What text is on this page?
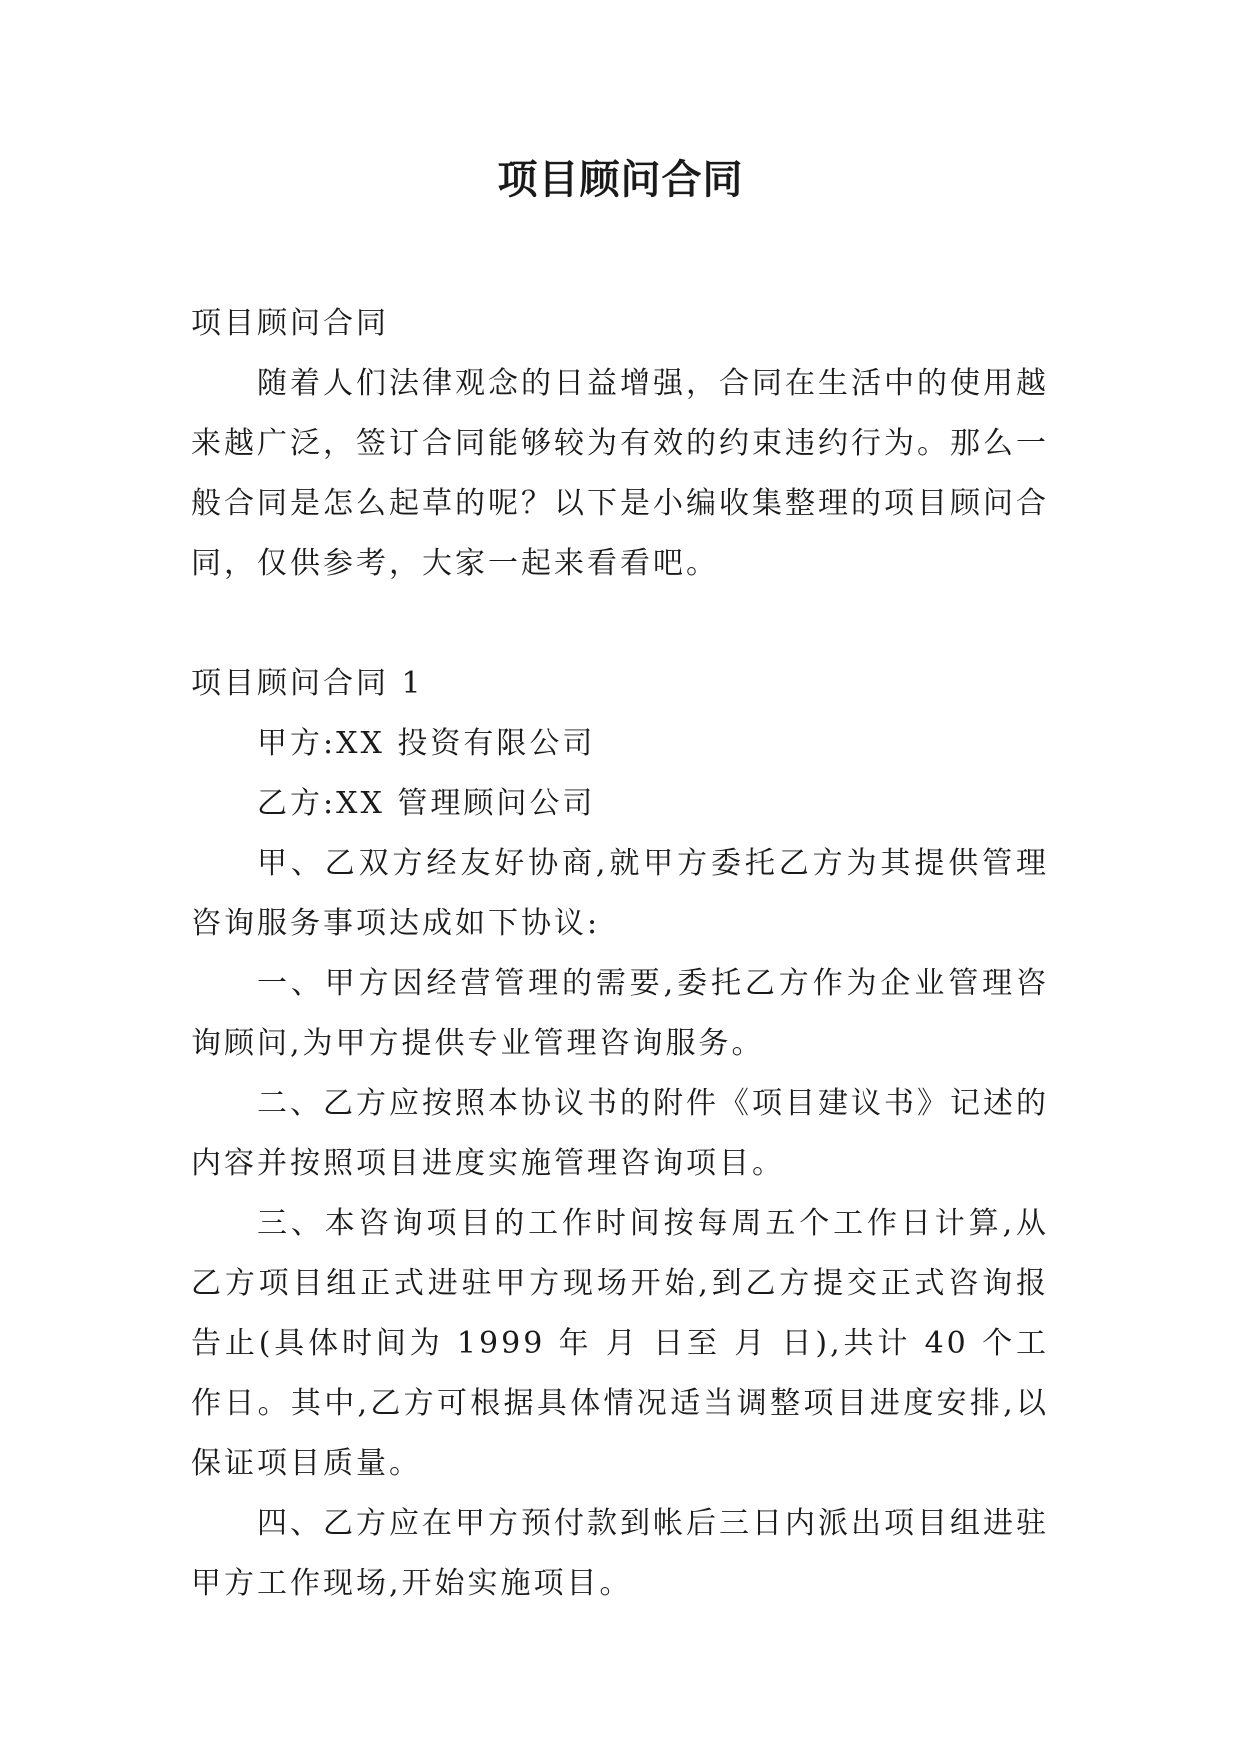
项目顾问合同

项目顾问合同

随着人们法律观念的日益增强，合同在生活中的使用越来越广泛，签订合同能够较为有效的约束违约行为。那么一般合同是怎么起草的呢？以下是小编收集整理的项目顾问合同，仅供参考，大家一起来看看吧。

项目顾问合同 1

甲方:XX 投资有限公司

乙方:XX 管理顾问公司

甲、乙双方经友好协商,就甲方委托乙方为其提供管理咨询服务事项达成如下协议:

一、甲方因经营管理的需要,委托乙方作为企业管理咨询顾问,为甲方提供专业管理咨询服务。

二、乙方应按照本协议书的附件《项目建议书》记述的内容并按照项目进度实施管理咨询项目。

三、本咨询项目的工作时间按每周五个工作日计算,从乙方项目组正式进驻甲方现场开始,到乙方提交正式咨询报告止(具体时间为 1999 年 月 日至 月 日),共计 40 个工作日。其中,乙方可根据具体情况适当调整项目进度安排,以保证项目质量。

四、乙方应在甲方预付款到帐后三日内派出项目组进驻甲方工作现场,开始实施项目。
